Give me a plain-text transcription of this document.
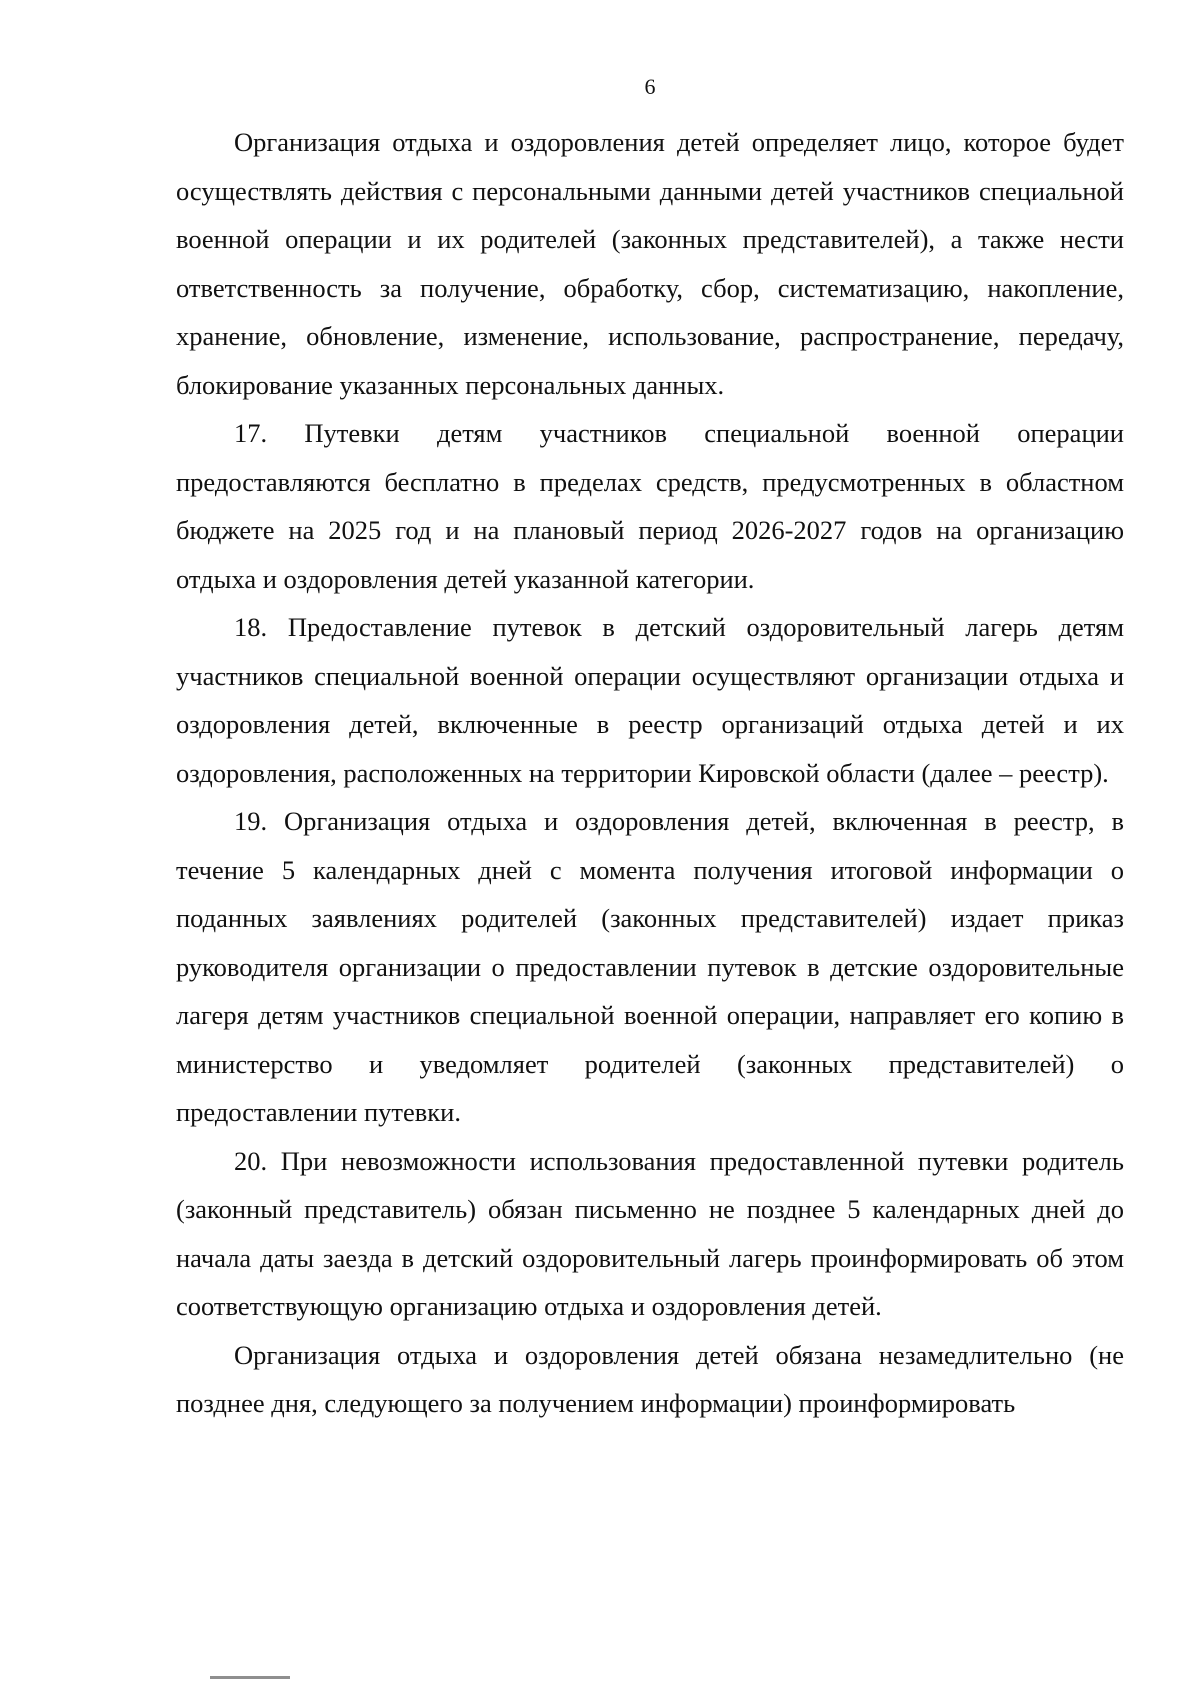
6

Организация отдыха и оздоровления детей определяет лицо, которое будет осуществлять действия с персональными данными детей участников специальной военной операции и их родителей (законных представителей), а также нести ответственность за получение, обработку, сбор, систематизацию, накопление, хранение, обновление, изменение, использование, распространение, передачу, блокирование указанных персональных данных.

17. Путевки детям участников специальной военной операции предоставляются бесплатно в пределах средств, предусмотренных в областном бюджете на 2025 год и на плановый период 2026-2027 годов на организацию отдыха и оздоровления детей указанной категории.

18. Предоставление путевок в детский оздоровительный лагерь детям участников специальной военной операции осуществляют организации отдыха и оздоровления детей, включенные в реестр организаций отдыха детей и их оздоровления, расположенных на территории Кировской области (далее – реестр).

19. Организация отдыха и оздоровления детей, включенная в реестр, в течение 5 календарных дней с момента получения итоговой информации о поданных заявлениях родителей (законных представителей) издает приказ руководителя организации о предоставлении путевок в детские оздоровительные лагеря детям участников специальной военной операции, направляет его копию в министерство и уведомляет родителей (законных представителей) о предоставлении путевки.

20. При невозможности использования предоставленной путевки родитель (законный представитель) обязан письменно не позднее 5 календарных дней до начала даты заезда в детский оздоровительный лагерь проинформировать об этом соответствующую организацию отдыха и оздоровления детей.

Организация отдыха и оздоровления детей обязана незамедлительно (не позднее дня, следующего за получением информации) проинформировать
